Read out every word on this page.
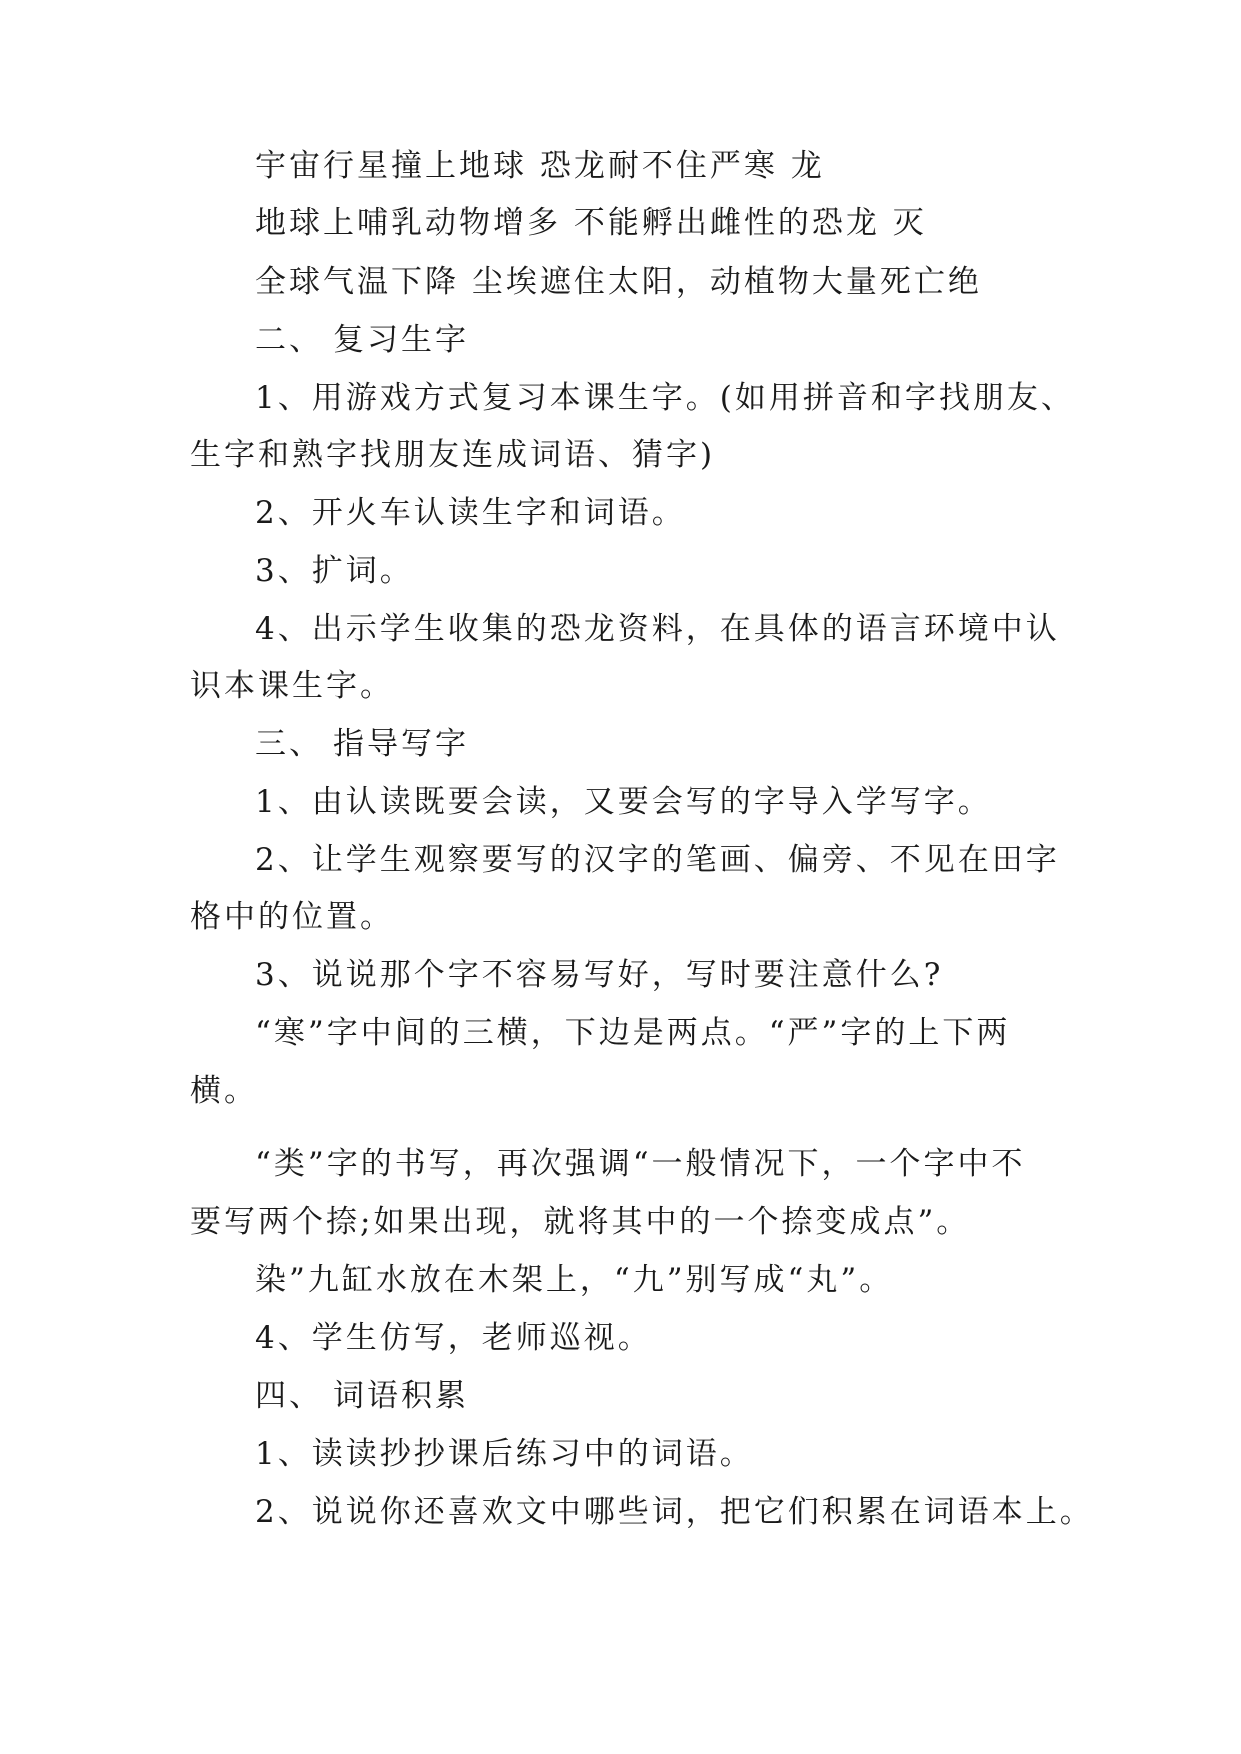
宇宙行星撞上地球 恐龙耐不住严寒 龙
地球上哺乳动物增多 不能孵出雌性的恐龙 灭
全球气温下降 尘埃遮住太阳，动植物大量死亡绝
二、 复习生字
1、用游戏方式复习本课生字。(如用拼音和字找朋友、
生字和熟字找朋友连成词语、猜字)
2、开火车认读生字和词语。
3、扩词。
4、出示学生收集的恐龙资料，在具体的语言环境中认
识本课生字。
三、 指导写字
1、由认读既要会读，又要会写的字导入学写字。
2、让学生观察要写的汉字的笔画、偏旁、不见在田字
格中的位置。
3、说说那个字不容易写好，写时要注意什么?
“寒”字中间的三横，下边是两点。“严”字的上下两
横。
“类”字的书写，再次强调“一般情况下，一个字中不
要写两个捺;如果出现，就将其中的一个捺变成点”。
染”九缸水放在木架上，“九”别写成“丸”。
4、学生仿写，老师巡视。
四、 词语积累
1、读读抄抄课后练习中的词语。
2、说说你还喜欢文中哪些词，把它们积累在词语本上。
